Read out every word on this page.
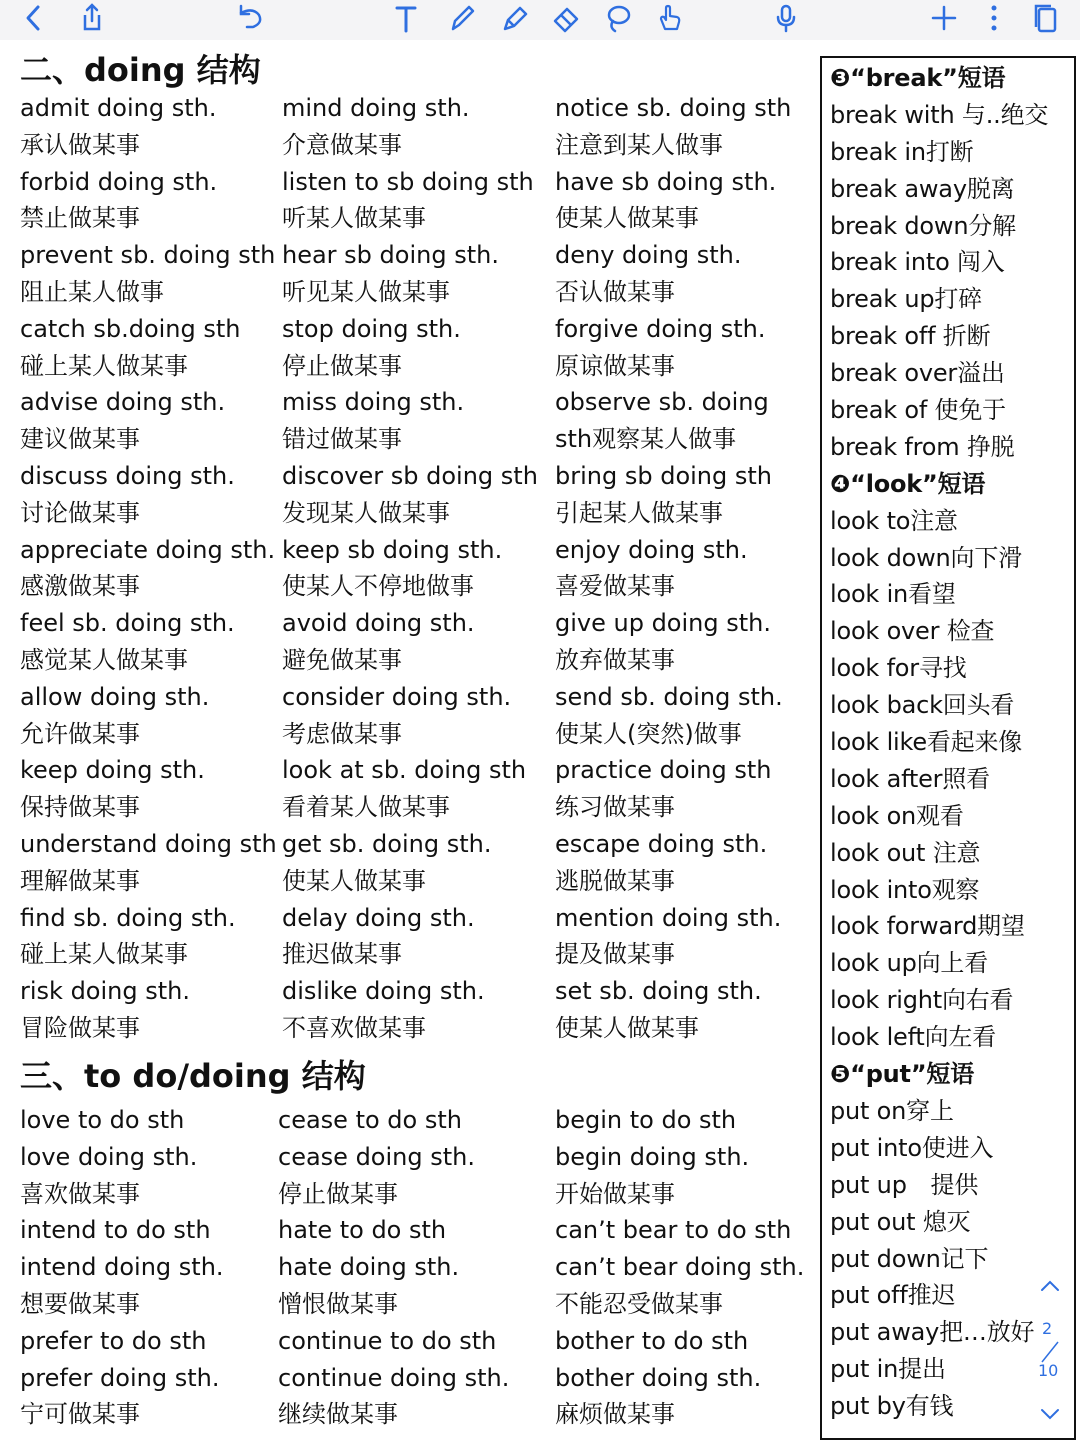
二、doing 结构
admit doing sth.
承认做某事
forbid doing sth.
禁止做某事
prevent sb. doing sth
阻止某人做事
catch sb.doing sth
碰上某人做某事
advise doing sth.
建议做某事
discuss doing sth.
讨论做某事
appreciate doing sth.
感激做某事
feel sb. doing sth.
感觉某人做某事
allow doing sth.
允许做某事
keep doing sth.
保持做某事
understand doing sth
理解做某事
find sb. doing sth.
碰上某人做某事
risk doing sth.
冒险做某事
mind doing sth.
介意做某事
listen to sb doing sth
听某人做某事
hear sb doing sth.
听见某人做某事
stop doing sth.
停止做某事
miss doing sth.
错过做某事
discover sb doing sth
发现某人做某事
keep sb doing sth.
使某人不停地做事
avoid doing sth.
避免做某事
consider doing sth.
考虑做某事
look at sb. doing sth
看着某人做某事
get sb. doing sth.
使某人做某事
delay doing sth.
推迟做某事
dislike doing sth.
不喜欢做某事
notice sb. doing sth
注意到某人做事
have sb doing sth.
使某人做某事
deny doing sth.
否认做某事
forgive doing sth.
原谅做某事
observe sb. doing
sth观察某人做事
bring sb doing sth
引起某人做某事
enjoy doing sth.
喜爱做某事
give up doing sth.
放弃做某事
send sb. doing sth.
使某人(突然)做事
practice doing sth
练习做某事
escape doing sth.
逃脱做某事
mention doing sth.
提及做某事
set sb. doing sth.
使某人做某事
三、to do/doing 结构
love to do sth
love doing sth.
喜欢做某事
intend to do sth
intend doing sth.
想要做某事
prefer to do sth
prefer doing sth.
宁可做某事
cease to do sth
cease doing sth.
停止做某事
hate to do sth
hate doing sth.
憎恨做某事
continue to do sth
continue doing sth.
继续做某事
begin to do sth
begin doing sth.
开始做某事
can’t bear to do sth
can’t bear doing sth.
不能忍受做某事
bother to do sth
bother doing sth.
麻烦做某事
❸“break”短语
break with 与..绝交
break in打断
break away脱离
break down分解
break into 闯入
break up打碎
break off 折断
break over溢出
break of 使免于
break from 挣脱
❹“look”短语
look to注意
look down向下滑
look in看望
look over 检查
look for寻找
look back回头看
look like看起来像
look after照看
look on观看
look out 注意
look into观察
look forward期望
look up向上看
look right向右看
look left向左看
❺“put”短语
put on穿上
put into使进入
put up　提供
put out 熄灭
put down记下
put off推迟
put away把…放好
put in提出
put by有钱
2
10
